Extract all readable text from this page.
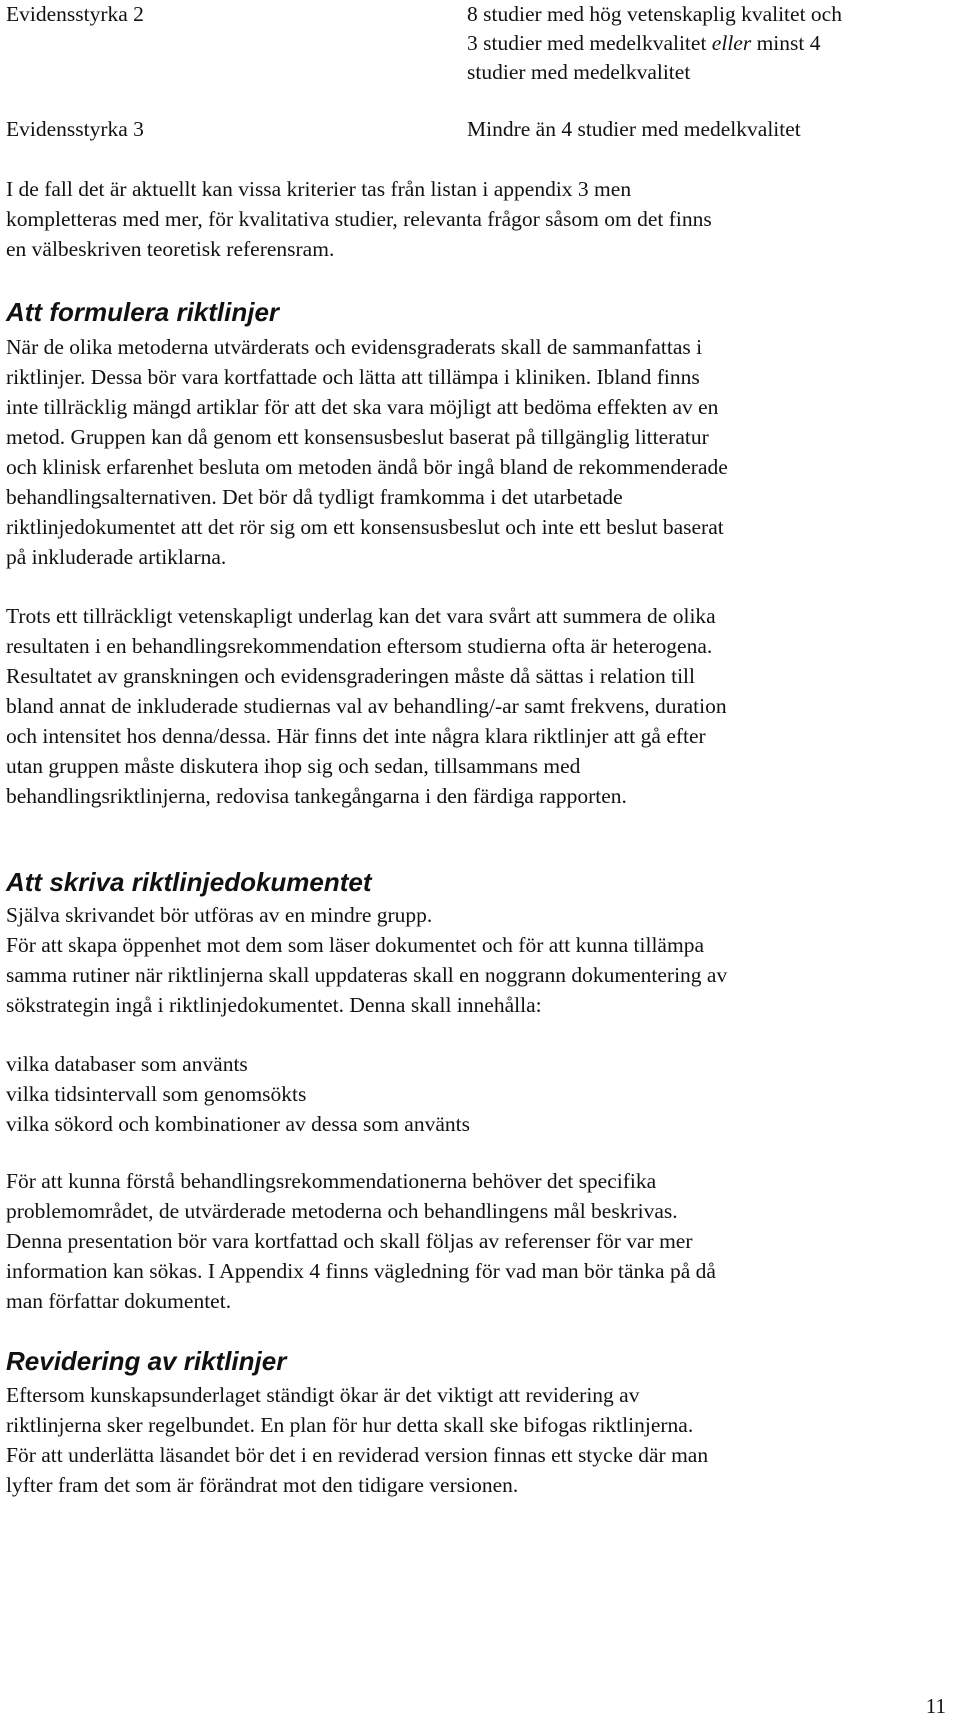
Evidensstyrka 2	8 studier med hög vetenskaplig kvalitet och

3 studier med medelkvalitet eller minst 4

studier med medelkvalitet

Evidensstyrka 3	Mindre än 4 studier med medelkvalitet

I de fall det är aktuellt kan vissa kriterier tas från listan i appendix 3 men

kompletteras med mer, för kvalitativa studier, relevanta frågor såsom om det finns

en välbeskriven teoretisk referensram.

Att formulera riktlinjer

När de olika metoderna utvärderats och evidensgraderats skall de sammanfattas i

riktlinjer. Dessa bör vara kortfattade och lätta att tillämpa i kliniken. Ibland finns

inte tillräcklig mängd artiklar för att det ska vara möjligt att bedöma effekten av en

metod. Gruppen kan då genom ett konsensusbeslut baserat på tillgänglig litteratur

och klinisk erfarenhet besluta om metoden ändå bör ingå bland de rekommenderade

behandlingsalternativen. Det bör då tydligt framkomma i det utarbetade

riktlinjedokumentet att det rör sig om ett konsensusbeslut och inte ett beslut baserat

på inkluderade artiklarna.

Trots ett tillräckligt vetenskapligt underlag kan det vara svårt att summera de olika

resultaten i en behandlingsrekommendation eftersom studierna ofta är heterogena.

Resultatet av granskningen och evidensgraderingen måste då sättas i relation till

bland annat de inkluderade studiernas val av behandling/-ar samt frekvens, duration

och intensitet hos denna/dessa. Här finns det inte några klara riktlinjer att gå efter

utan gruppen måste diskutera ihop sig och sedan, tillsammans med

behandlingsriktlinjerna, redovisa tankegångarna i den färdiga rapporten.

Att skriva riktlinjedokumentet

Själva skrivandet bör utföras av en mindre grupp.

För att skapa öppenhet mot dem som läser dokumentet och för att kunna tillämpa

samma rutiner när riktlinjerna skall uppdateras skall en noggrann dokumentering av

sökstrategin ingå i riktlinjedokumentet. Denna skall innehålla:

vilka databaser som använts

vilka tidsintervall som genomsökts

vilka sökord och kombinationer av dessa som använts

För att kunna förstå behandlingsrekommendationerna behöver det specifika

problemområdet, de utvärderade metoderna och behandlingens mål beskrivas.

Denna presentation bör vara kortfattad och skall följas av referenser för var mer

information kan sökas. I Appendix 4 finns vägledning för vad man bör tänka på då

man författar dokumentet.

Revidering av riktlinjer

Eftersom kunskapsunderlaget ständigt ökar är det viktigt att revidering av

riktlinjerna sker regelbundet. En plan för hur detta skall ske bifogas riktlinjerna.

För att underlätta läsandet bör det i en reviderad version finnas ett stycke där man

lyfter fram det som är förändrat mot den tidigare versionen.

11
